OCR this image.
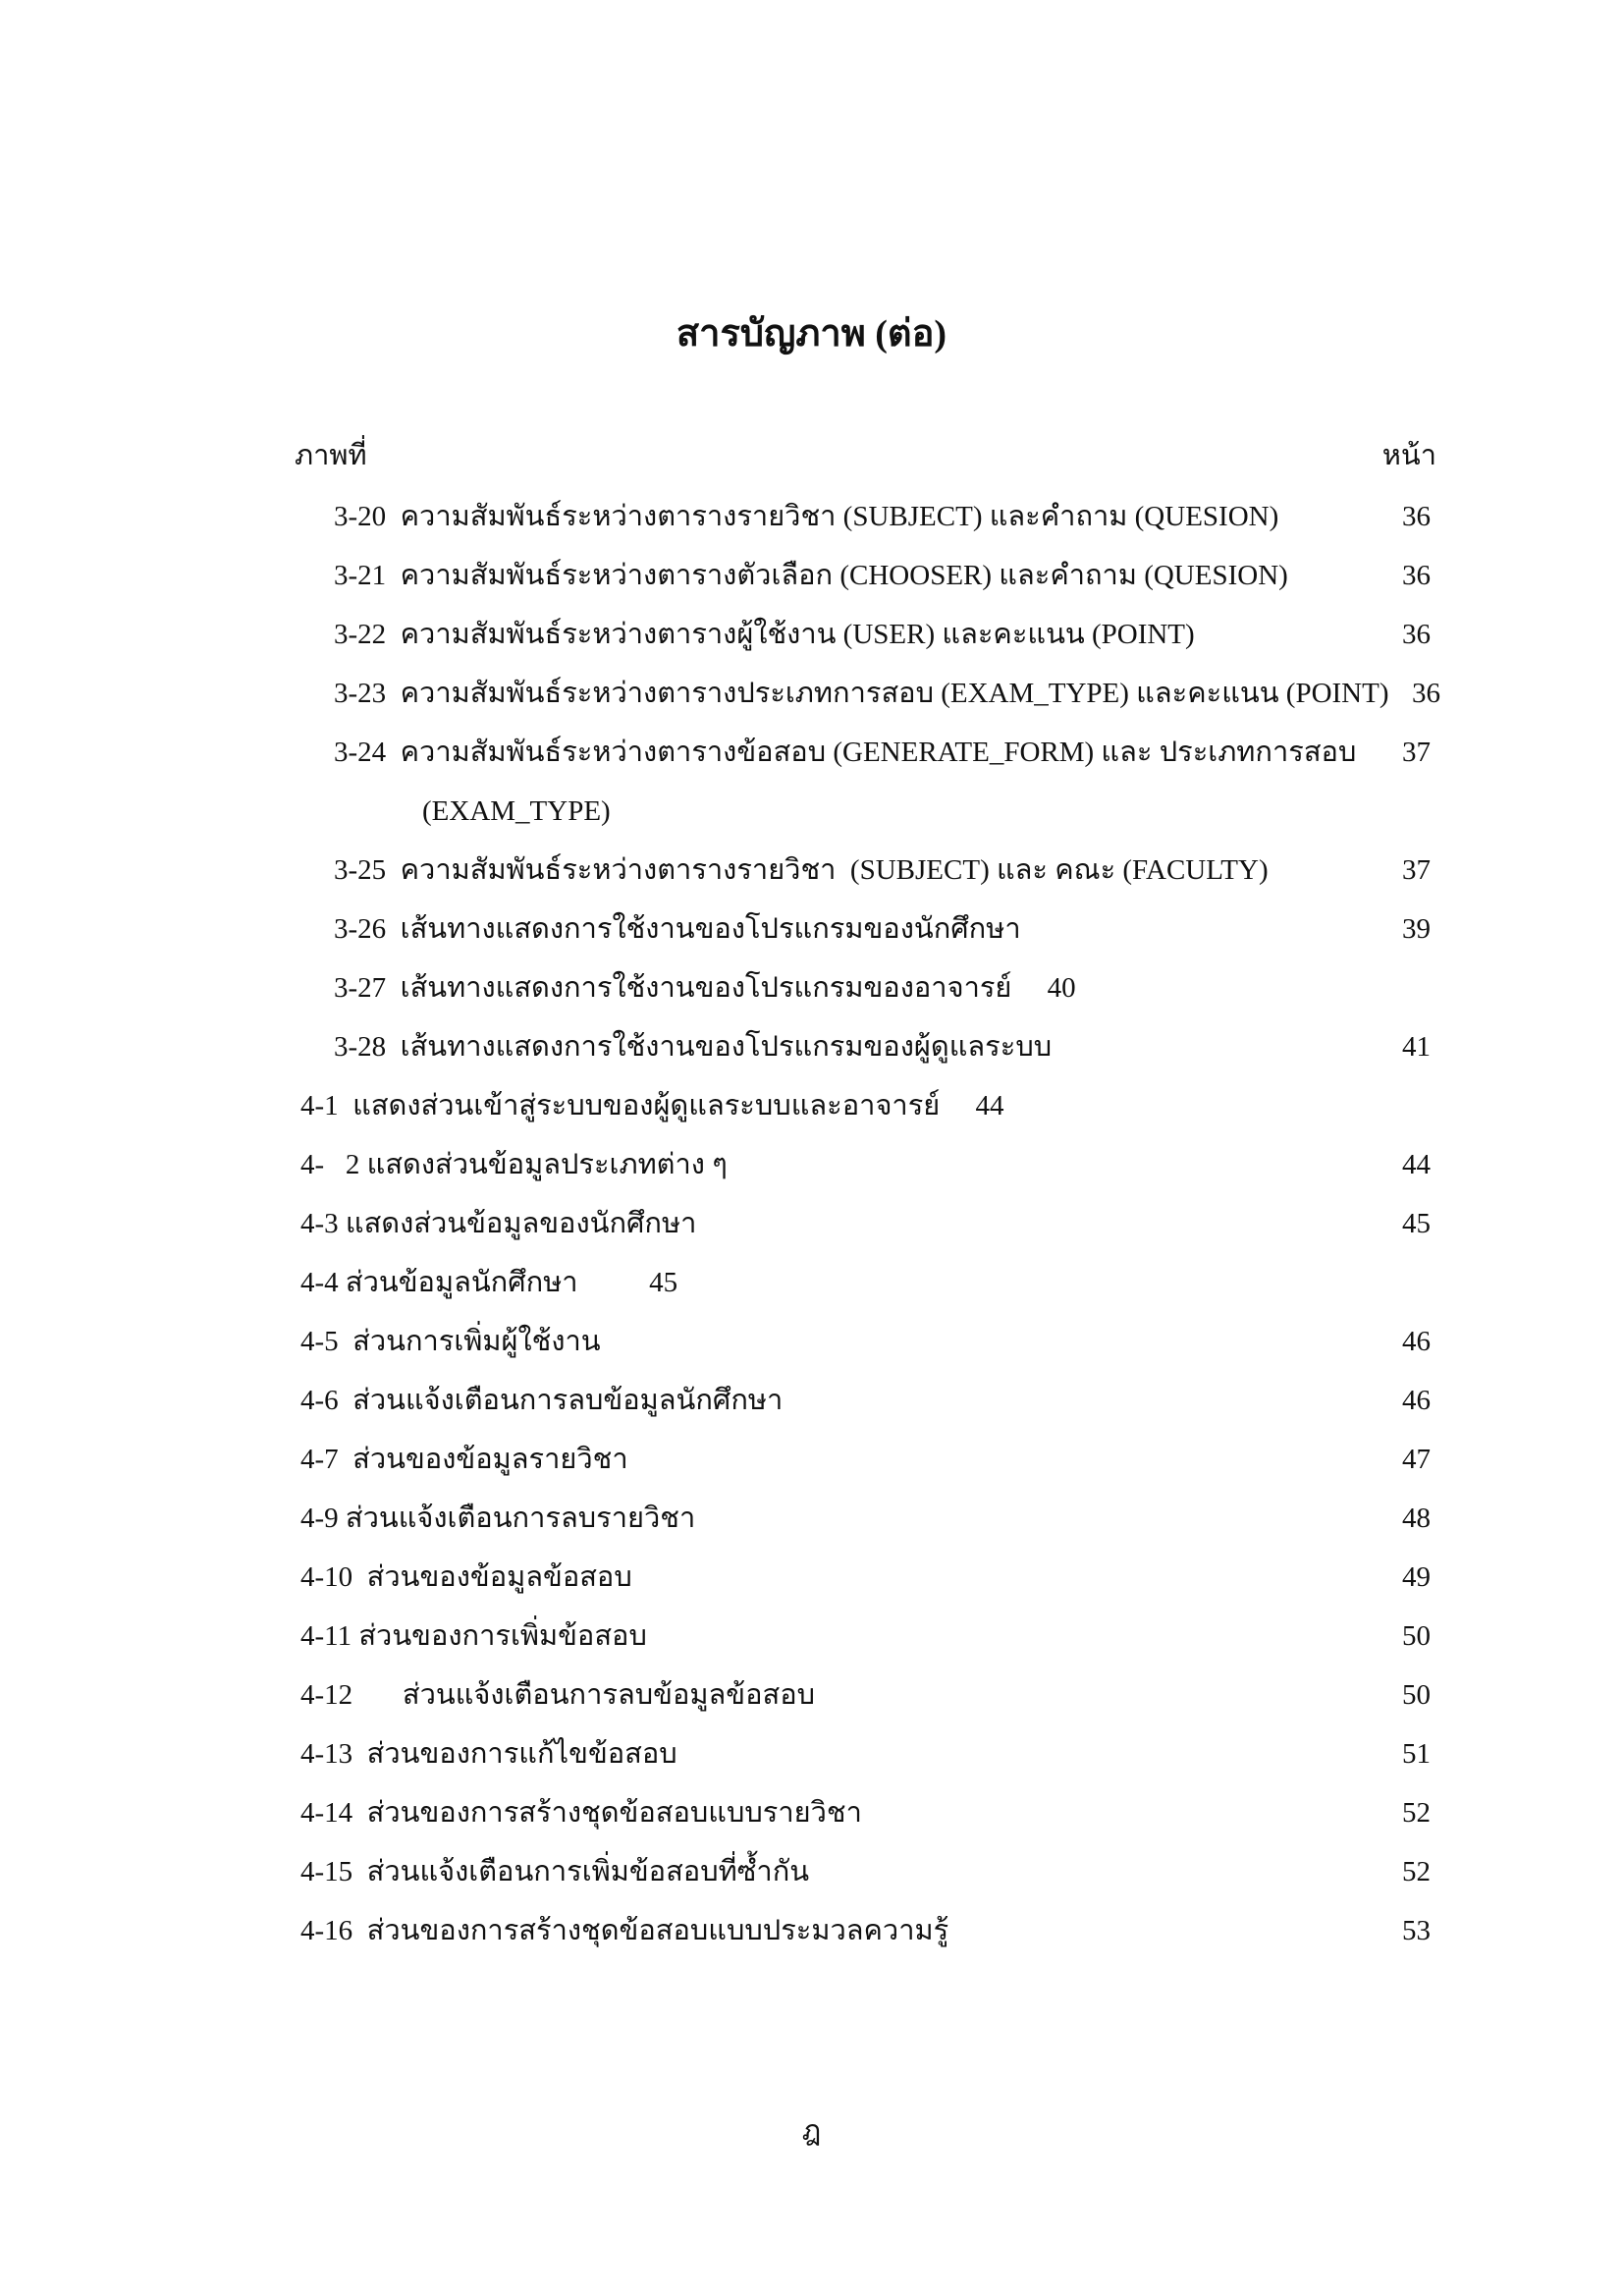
สารบัญภาพ (ต่อ)
ภาพที่	หน้า
3-20  ความสัมพันธ์ระหว่างตารางรายวิชา (SUBJECT) และคำถาม (QUESION)	36
3-21  ความสัมพันธ์ระหว่างตารางตัวเลือก (CHOOSER) และคำถาม (QUESION)	36
3-22  ความสัมพันธ์ระหว่างตารางผู้ใช้งาน (USER) และคะแนน (POINT)	36
3-23  ความสัมพันธ์ระหว่างตารางประเภทการสอบ (EXAM_TYPE) และคะแนน (POINT) 36
3-24  ความสัมพันธ์ระหว่างตารางข้อสอบ (GENERATE_FORM) และ ประเภทการสอบ 37
(EXAM_TYPE)
3-25  ความสัมพันธ์ระหว่างตารางรายวิชา  (SUBJECT) และ คณะ (FACULTY)	37
3-26  เส้นทางแสดงการใช้งานของโปรแกรมของนักศึกษา	39
3-27  เส้นทางแสดงการใช้งานของโปรแกรมของอาจารย์     40
3-28  เส้นทางแสดงการใช้งานของโปรแกรมของผู้ดูแลระบบ	41
4-1  แสดงส่วนเข้าสู่ระบบของผู้ดูแลระบบและอาจารย์     44
4-   2 แสดงส่วนข้อมูลประเภทต่าง ๆ	44
4-3 แสดงส่วนข้อมูลของนักศึกษา	45
4-4 ส่วนข้อมูลนักศึกษา          45
4-5  ส่วนการเพิ่มผู้ใช้งาน	46
4-6  ส่วนแจ้งเตือนการลบข้อมูลนักศึกษา	46
4-7  ส่วนของข้อมูลรายวิชา	47
4-9 ส่วนแจ้งเตือนการลบรายวิชา	48
4-10  ส่วนของข้อมูลข้อสอบ	49
4-11 ส่วนของการเพิ่มข้อสอบ	50
4-12       ส่วนแจ้งเตือนการลบข้อมูลข้อสอบ	50
4-13  ส่วนของการแก้ไขข้อสอบ	51
4-14  ส่วนของการสร้างชุดข้อสอบแบบรายวิชา	52
4-15  ส่วนแจ้งเตือนการเพิ่มข้อสอบที่ซ้ำกัน	52
4-16  ส่วนของการสร้างชุดข้อสอบแบบประมวลความรู้	53
ฎ
